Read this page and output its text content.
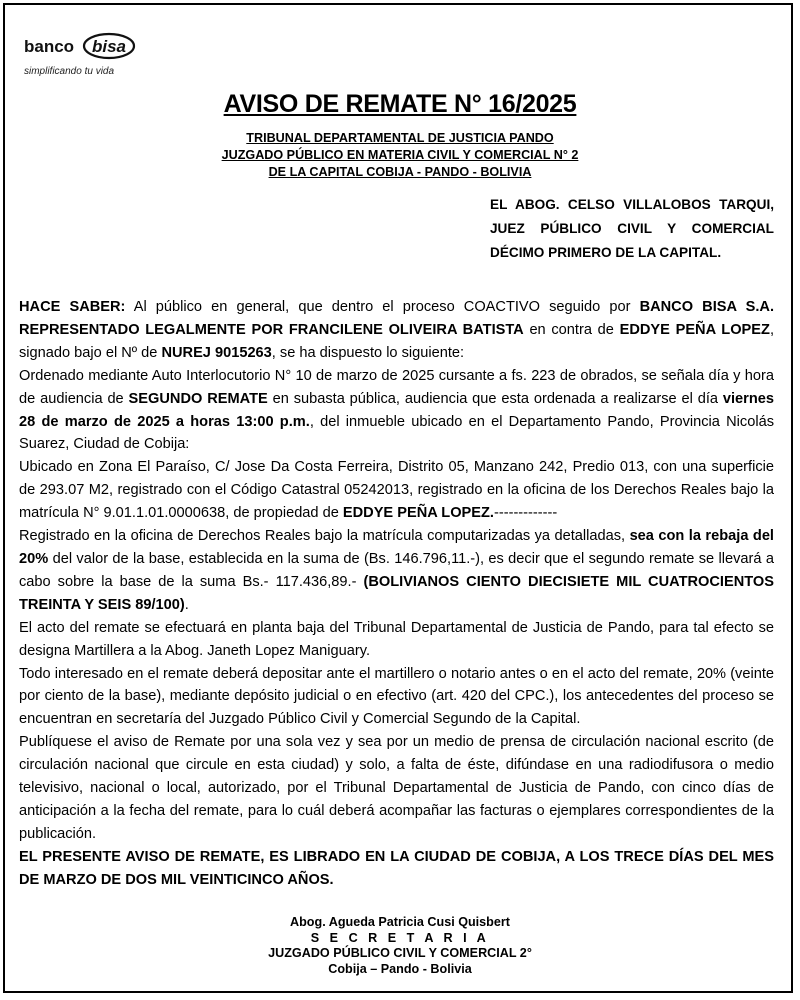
banco bisa
simplificando tu vida
AVISO DE REMATE N° 16/2025
TRIBUNAL DEPARTAMENTAL DE JUSTICIA PANDO
JUZGADO PÚBLICO EN MATERIA CIVIL Y COMERCIAL N° 2
DE LA CAPITAL COBIJA - PANDO - BOLIVIA
EL ABOG. CELSO VILLALOBOS TARQUI, JUEZ PÚBLICO CIVIL Y COMERCIAL DÉCIMO PRIMERO DE LA CAPITAL.

HACE SABER: Al público en general, que dentro el proceso COACTIVO seguido por BANCO BISA S.A. REPRESENTADO LEGALMENTE POR FRANCILENE OLIVEIRA BATISTA en contra de EDDYE PEÑA LOPEZ, signado bajo el Nº de NUREJ 9015263, se ha dispuesto lo siguiente:

Ordenado mediante Auto Interlocutorio N° 10 de marzo de 2025 cursante a fs. 223 de obrados, se señala día y hora de audiencia de SEGUNDO REMATE en subasta pública, audiencia que esta ordenada a realizarse el día viernes 28 de marzo de 2025 a horas 13:00 p.m., del inmueble ubicado en el Departamento Pando, Provincia Nicolás Suarez, Ciudad de Cobija:

Ubicado en Zona El Paraíso, C/ Jose Da Costa Ferreira, Distrito 05, Manzano 242, Predio 013, con una superficie de 293.07 M2, registrado con el Código Catastral 05242013, registrado en la oficina de los Derechos Reales bajo la matrícula N° 9.01.1.01.0000638, de propiedad de EDDYE PEÑA LOPEZ.-------------

Registrado en la oficina de Derechos Reales bajo la matrícula computarizadas ya detalladas, sea con la rebaja del 20% del valor de la base, establecida en la suma de (Bs. 146.796,11.-), es decir que el segundo remate se llevará a cabo sobre la base de la suma Bs.- 117.436,89.- (BOLIVIANOS CIENTO DIECISIETE MIL CUATROCIENTOS TREINTA Y SEIS 89/100).

El acto del remate se efectuará en planta baja del Tribunal Departamental de Justicia de Pando, para tal efecto se designa Martillera a la Abog. Janeth Lopez Maniguary.

Todo interesado en el remate deberá depositar ante el martillero o notario antes o en el acto del remate, 20% (veinte por ciento de la base), mediante depósito judicial o en efectivo (art. 420 del CPC.), los antecedentes del proceso se encuentran en secretaría del Juzgado Público Civil y Comercial Segundo de la Capital.

Publíquese el aviso de Remate por una sola vez y sea por un medio de prensa de circulación nacional escrito (de circulación nacional que circule en esta ciudad) y solo, a falta de éste, difúndase en una radiodifusora o medio televisivo, nacional o local, autorizado, por el Tribunal Departamental de Justicia de Pando, con cinco días de anticipación a la fecha del remate, para lo cuál deberá acompañar las facturas o ejemplares correspondientes de la publicación.

EL PRESENTE AVISO DE REMATE, ES LIBRADO EN LA CIUDAD DE COBIJA, A LOS TRECE DÍAS DEL MES DE MARZO DE DOS MIL VEINTICINCO AÑOS.

Abog. Agueda Patricia Cusi Quisbert
S E C R E T A R I A
JUZGADO PÚBLICO CIVIL Y COMERCIAL 2°
Cobija – Pando - Bolivia
